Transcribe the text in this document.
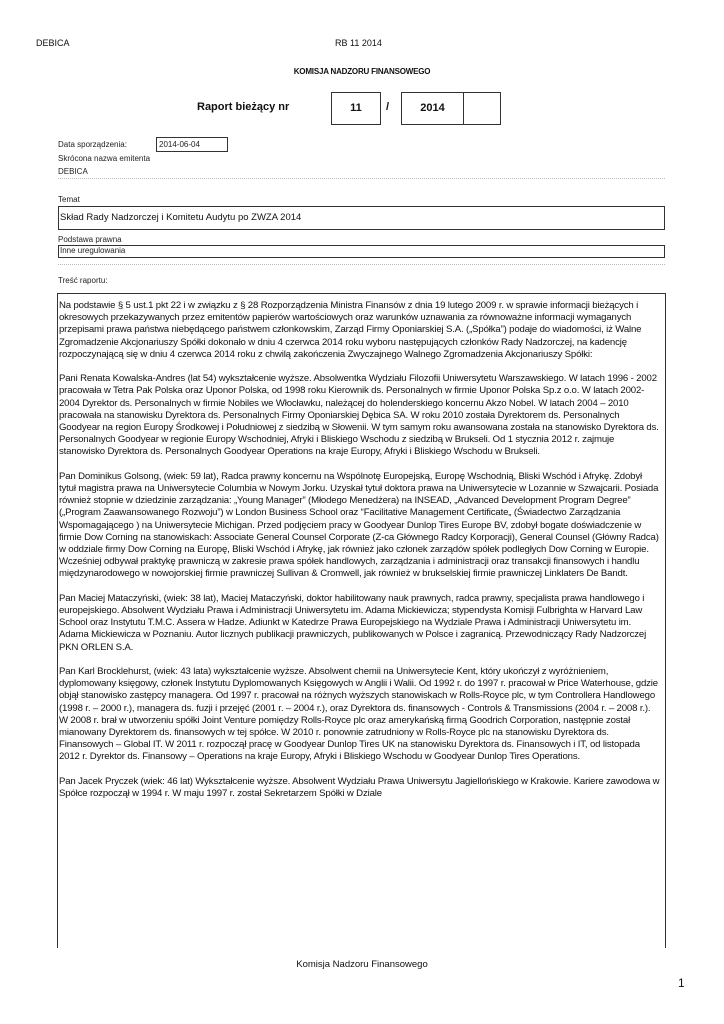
DEBICA	RB 11 2014
KOMISJA NADZORU FINANSOWEGO
Raport bieżący nr	11	/	2014
Data sporządzenia:	2014-06-04
Skrócona nazwa emitenta
DEBICA
Temat
Skład Rady Nadzorczej i Komitetu Audytu po ZWZA 2014
Podstawa prawna
Inne uregulowania
Treść raportu:

Na podstawie § 5 ust.1 pkt 22 i w związku z § 28 Rozporządzenia Ministra Finansów z dnia 19 lutego 2009 r. w sprawie informacji bieżących i okresowych przekazywanych przez emitentów papierów wartościowych oraz warunków uznawania za równoważne informacji wymaganych przepisami prawa państwa niebędącego państwem członkowskim, Zarząd Firmy Oponiarskiej S.A. („Spółka”) podaje do wiadomości, iż Walne Zgromadzenie Akcjonariuszy Spółki dokonało w dniu 4 czerwca 2014 roku wyboru następujących członków Rady Nadzorczej, na kadencję rozpoczynającą się w dniu 4 czerwca 2014 roku z chwilą zakończenia Zwyczajnego Walnego Zgromadzenia Akcjonariuszy Spółki:

Pani Renata Kowalska-Andres (lat 54) wykształcenie wyższe. Absolwentka Wydziału Filozofii Uniwersytetu Warszawskiego. W latach 1996 - 2002 pracowała w Tetra Pak Polska oraz Uponor Polska, od 1998 roku Kierownik ds. Personalnych w firmie Uponor Polska Sp.z o.o. W latach 2002-2004 Dyrektor ds. Personalnych w firmie Nobiles we Włocławku, należącej do holenderskiego koncernu Akzo Nobel. W latach 2004 – 2010 pracowała na stanowisku Dyrektora ds. Personalnych Firmy Oponiarskiej Dębica SA. W roku 2010 została Dyrektorem ds. Personalnych Goodyear na region Europy Środkowej i Południowej z siedzibą w Słowenii. W tym samym roku awansowana została na stanowisko Dyrektora ds. Personalnych Goodyear w regionie Europy Wschodniej, Afryki i Bliskiego Wschodu z siedzibą w Brukseli. Od 1 stycznia 2012 r. zajmuje stanowisko Dyrektora ds. Personalnych Goodyear Operations na kraje Europy, Afryki i Bliskiego Wschodu w Brukseli.

Pan Dominikus Golsong, (wiek: 59 lat), Radca prawny koncernu na Wspólnotę Europejską, Europę Wschodnią, Bliski Wschód i Afrykę. Zdobył tytuł magistra prawa na Uniwersytecie Columbia w Nowym Jorku. Uzyskał tytuł doktora prawa na Uniwersytecie w Lozannie w Szwajcarii. Posiada również stopnie w dziedzinie zarządzania: „Young Manager” (Młodego Menedżera) na INSEAD, „Advanced Development Program Degree” („Program Zaawansowanego Rozwoju”) w London Business School oraz “Facilitative Management Certificate„ (Świadectwo Zarządzania Wspomagającego ) na Uniwersytecie Michigan. Przed podjęciem pracy w Goodyear Dunlop Tires Europe BV, zdobył bogate doświadczenie w firmie Dow Corning na stanowiskach: Associate General Counsel Corporate (Z-ca Głównego Radcy Korporacji), General Counsel (Główny Radca) w oddziale firmy Dow Corning na Europę, Bliski Wschód i Afrykę, jak również jako członek zarządów spółek podległych Dow Corning w Europie. Wcześniej odbywał praktykę prawniczą w zakresie prawa spółek handlowych, zarządzania i administracji oraz transakcji finansowych i handlu międzynarodowego w nowojorskiej firmie prawniczej Sullivan & Cromwell, jak również w brukselskiej firmie prawniczej Linklaters De Bandt.

Pan Maciej Mataczyński, (wiek: 38 lat), Maciej Mataczyński, doktor habilitowany nauk prawnych, radca prawny, specjalista prawa handlowego i europejskiego. Absolwent Wydziału Prawa i Administracji Uniwersytetu im. Adama Mickiewicza; stypendysta Komisji Fulbrighta w Harvard Law School oraz Instytutu T.M.C. Assera w Hadze. Adiunkt w Katedrze Prawa Europejskiego na Wydziale Prawa i Administracji Uniwersytetu im. Adama Mickiewicza w Poznaniu. Autor licznych publikacji prawniczych, publikowanych w Polsce i zagranicą. Przewodniczący Rady Nadzorczej PKN ORLEN S.A.

Pan Karl Brocklehurst, (wiek: 43 lata) wykształcenie wyższe. Absolwent chemii na Uniwersytecie Kent, który ukończył z wyróżnieniem, dyplomowany księgowy, członek Instytutu Dyplomowanych Księgowych w Anglii i Walii. Od 1992 r. do 1997 r. pracował w Price Waterhouse, gdzie objął stanowisko zastępcy managera. Od 1997 r. pracował na różnych wyższych stanowiskach w Rolls-Royce plc, w tym Controllera Handlowego (1998 r. – 2000 r.), managera ds. fuzji i przejęć (2001 r. – 2004 r.), oraz Dyrektora ds. finansowych - Controls & Transmissions (2004 r. – 2008 r.). W 2008 r. brał w utworzeniu spółki Joint Venture pomiędzy Rolls-Royce plc oraz amerykańską firmą Goodrich Corporation, następnie został mianowany Dyrektorem ds. finansowych w tej spółce. W 2010 r. ponownie zatrudniony w Rolls-Royce plc na stanowisku Dyrektora ds. Finansowych – Global IT. W 2011 r. rozpoczął pracę w Goodyear Dunlop Tires UK na stanowisku Dyrektora ds. Finansowych i IT, od listopada 2012 r. Dyrektor ds. Finansowy – Operations na kraje Europy, Afryki i Bliskiego Wschodu w Goodyear Dunlop Tires Operations.

Pan Jacek Pryczek (wiek: 46 lat) Wykształcenie wyższe. Absolwent Wydziału Prawa Uniwersytu Jagiellońskiego w Krakowie. Kariere zawodowa w Spółce rozpoczął w 1994 r. W maju 1997 r. został Sekretarzem Spółki w Dziale

Komisja Nadzoru Finansowego
1
